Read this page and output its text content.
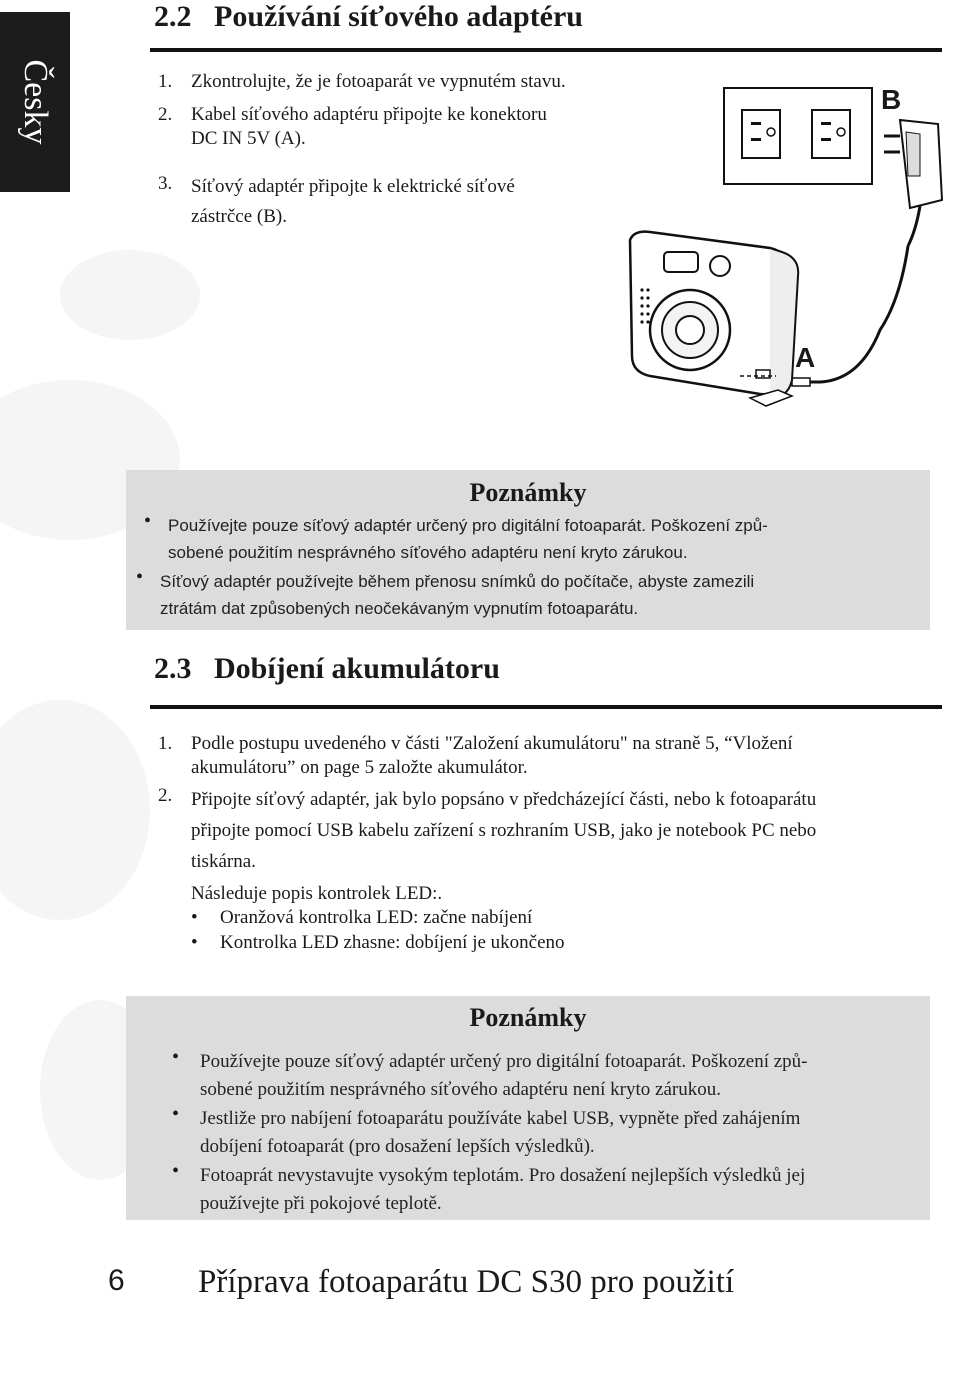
Česky
2.2 Používání síťového adaptéru
1. Zkontrolujte, že je fotoaparát ve vypnutém stavu.
2. Kabel síťového adaptéru připojte ke konektoru
DC IN 5V (A).
3. Síťový adaptér připojte k elektrické síťové
zástrčce (B).
B
A
Poznámky
• Používejte pouze síťový adaptér určený pro digitální fotoaparát. Poškození způ-
sobené použitím nesprávného síťového adaptéru není kryto zárukou.
• Síťový adaptér používejte během přenosu snímků do počítače, abyste zamezili
ztrátám dat způsobených neočekávaným vypnutím fotoaparátu.
2.3 Dobíjení akumulátoru
1. Podle postupu uvedeného v části "Založení akumulátoru" na straně 5, “Vložení
akumulátoru” on page 5 založte akumulátor.
2. Připojte síťový adaptér, jak bylo popsáno v předcházející části, nebo k fotoaparátu
připojte pomocí USB kabelu zařízení s rozhraním USB, jako je notebook PC nebo
tiskárna.
Následuje popis kontrolek LED:.
• Oranžová kontrolka LED: začne nabíjení
• Kontrolka LED zhasne: dobíjení je ukončeno
Poznámky
• Používejte pouze síťový adaptér určený pro digitální fotoaparát. Poškození způ-
sobené použitím nesprávného síťového adaptéru není kryto zárukou.
• Jestliže pro nabíjení fotoaparátu používáte kabel USB, vypněte před zahájením
dobíjení fotoaparát (pro dosažení lepších výsledků).
• Fotoaprát nevystavujte vysokým teplotám. Pro dosažení nejlepších výsledků jej
používejte při pokojové teplotě.
6 Příprava fotoaparátu DC S30 pro použití
